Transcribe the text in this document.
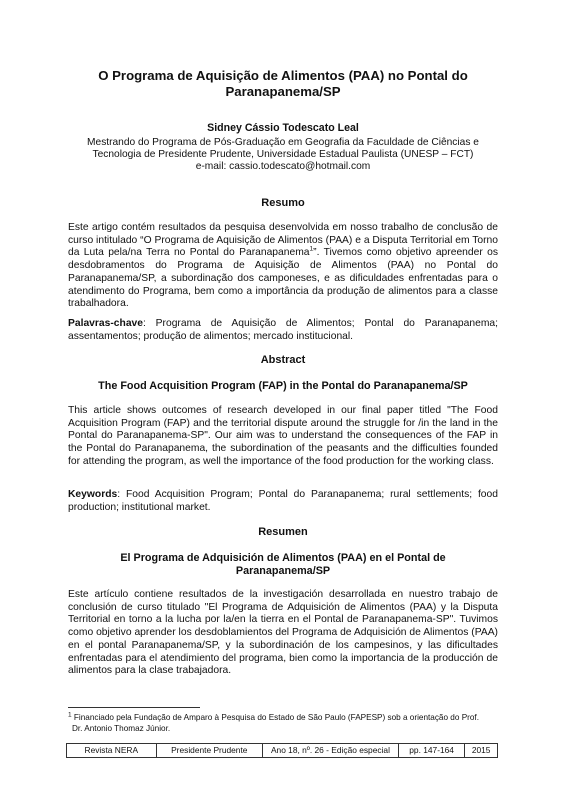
O Programa de Aquisição de Alimentos (PAA) no Pontal do
Paranapanema/SP
Sidney Cássio Todescato Leal
Mestrando do Programa de Pós-Graduação em Geografia da Faculdade de Ciências e
Tecnologia de Presidente Prudente, Universidade Estadual Paulista (UNESP – FCT)
e-mail: cassio.todescato@hotmail.com
Resumo
Este artigo contém resultados da pesquisa desenvolvida em nosso trabalho de conclusão de curso intitulado “O Programa de Aquisição de Alimentos (PAA) e a Disputa Territorial em Torno da Luta pela/na Terra no Pontal do Paranapanema$^1$”. Tivemos como objetivo apreender os desdobramentos do Programa de Aquisição de Alimentos (PAA) no Pontal do Paranapanema/SP, a subordinação dos camponeses, e as dificuldades enfrentadas para o atendimento do Programa, bem como a importância da produção de alimentos para a classe trabalhadora.
Palavras-chave: Programa de Aquisição de Alimentos; Pontal do Paranapanema; assentamentos; produção de alimentos; mercado institucional.
Abstract
The Food Acquisition Program (FAP) in the Pontal do Paranapanema/SP
This article shows outcomes of research developed in our final paper titled "The Food Acquisition Program (FAP) and the territorial dispute around the struggle for /in the land in the Pontal do Paranapanema-SP". Our aim was to understand the consequences of the FAP in the Pontal do Paranapanema, the subordination of the peasants and the difficulties founded for attending the program, as well the importance of the food production for the working class.
Keywords: Food Acquisition Program; Pontal do Paranapanema; rural settlements; food production; institutional market.
Resumen
El Programa de Adquisición de Alimentos (PAA) en el Pontal de
Paranapanema/SP
Este artículo contiene resultados de la investigación desarrollada en nuestro trabajo de conclusión de curso titulado "El Programa de Adquisición de Alimentos (PAA) y la Disputa Territorial en torno a la lucha por la/en la tierra en el Pontal de Paranapanema-SP". Tuvimos como objetivo aprender los desdoblamientos del Programa de Adquisición de Alimentos (PAA) en el pontal Paranapanema/SP, y la subordinación de los campesinos, y las dificultades enfrentadas para el atendimiento del programa, bien como la importancia de la producción de alimentos para la clase trabajadora.
$^1$ Financiado pela Fundação de Amparo à Pesquisa do Estado de São Paulo (FAPESP) sob a orientação do Prof.
Dr. Antonio Thomaz Júnior.
Revista NERA	Presidente Prudente	Ano 18, nº. 26 - Edição especial	pp. 147-164	2015
